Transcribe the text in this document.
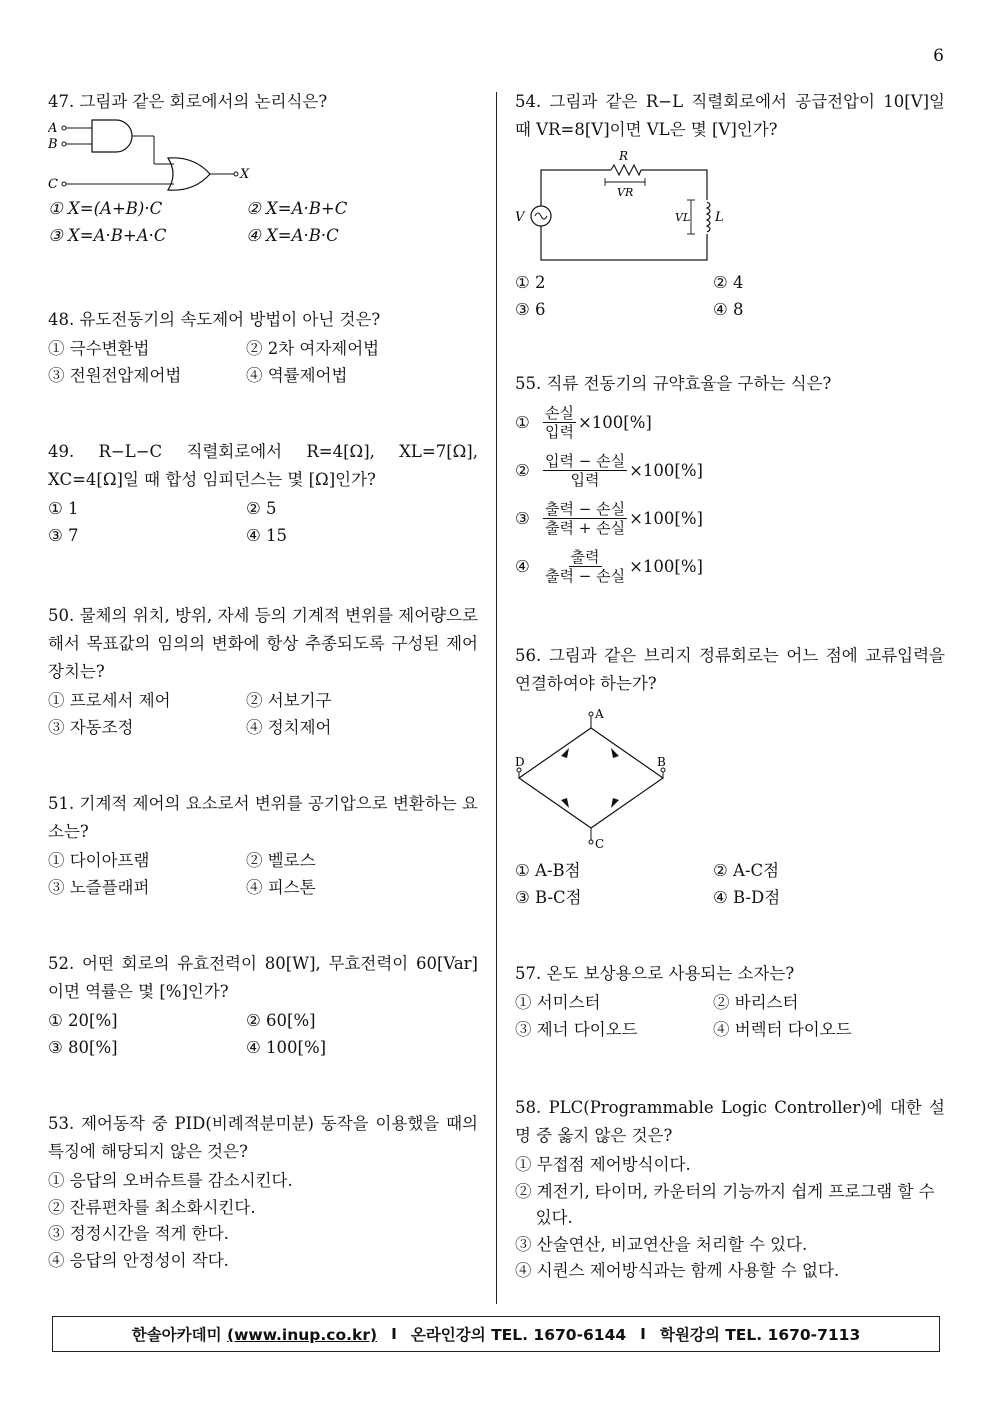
6

47. 그림과 같은 회로에서의 논리식은?

A
B
C
X
① X=(A+B)·C	② X=A·B+C
③ X=A·B+A·C	④ X=A·B·C

48. 유도전동기의 속도제어 방법이 아닌 것은?

① 극수변환법	② 2차 여자제어법
③ 전원전압제어법	④ 역률제어법

49. R−L−C 직렬회로에서 R=4[Ω], XL=7[Ω], XC=4[Ω]일 때 합성 임피던스는 몇 [Ω]인가?

① 1	② 5
③ 7	④ 15

50. 물체의 위치, 방위, 자세 등의 기계적 변위를 제어량으로 해서 목표값의 임의의 변화에 항상 추종되도록 구성된 제어장치는?

① 프로세서 제어	② 서보기구
③ 자동조정	④ 정치제어

51. 기계적 제어의 요소로서 변위를 공기압으로 변환하는 요소는?

① 다이아프램	② 벨로스
③ 노즐플래퍼	④ 피스톤

52. 어떤 회로의 유효전력이 80[W], 무효전력이 60[Var]이면 역률은 몇 [%]인가?

① 20[%]	② 60[%]
③ 80[%]	④ 100[%]

53. 제어동작 중 PID(비례적분미분) 동작을 이용했을 때의 특징에 해당되지 않은 것은?

① 응답의 오버슈트를 감소시킨다.
② 잔류편차를 최소화시킨다.
③ 정정시간을 적게 한다.
④ 응답의 안정성이 작다.

54. 그림과 같은 R−L 직렬회로에서 공급전압이 10[V]일 때 VR=8[V]이면 VL은 몇 [V]인가?

R
VR
V	L
VL
① 2	② 4
③ 6	④ 8

55. 직류 전동기의 규약효율을 구하는 식은?

① $\frac{\text{손실}}{\text{입력}} \times 100[\%]$
② $\frac{\text{입력 − 손실}}{\text{입력}} \times 100[\%]$
③ $\frac{\text{출력 − 손실}}{\text{출력 + 손실}} \times 100[\%]$
④ $\frac{\text{출력}}{\text{출력 − 손실}} \times 100[\%]$

56. 그림과 같은 브리지 정류회로는 어느 점에 교류입력을 연결하여야 하는가?

A
B
C
D
① A-B점	② A-C점
③ B-C점	④ B-D점

57. 온도 보상용으로 사용되는 소자는?

① 서미스터	② 바리스터
③ 제너 다이오드	④ 버렉터 다이오드

58. PLC(Programmable Logic Controller)에 대한 설명 중 옳지 않은 것은?

① 무접점 제어방식이다.
② 계전기, 타이머, 카운터의 기능까지 쉽게 프로그램 할 수 있다.
③ 산술연산, 비교연산을 처리할 수 있다.
④ 시퀀스 제어방식과는 함께 사용할 수 없다.
한솔아카데미 (www.inup.co.kr) I 온라인강의 TEL. 1670-6144 I 학원강의 TEL. 1670-7113
